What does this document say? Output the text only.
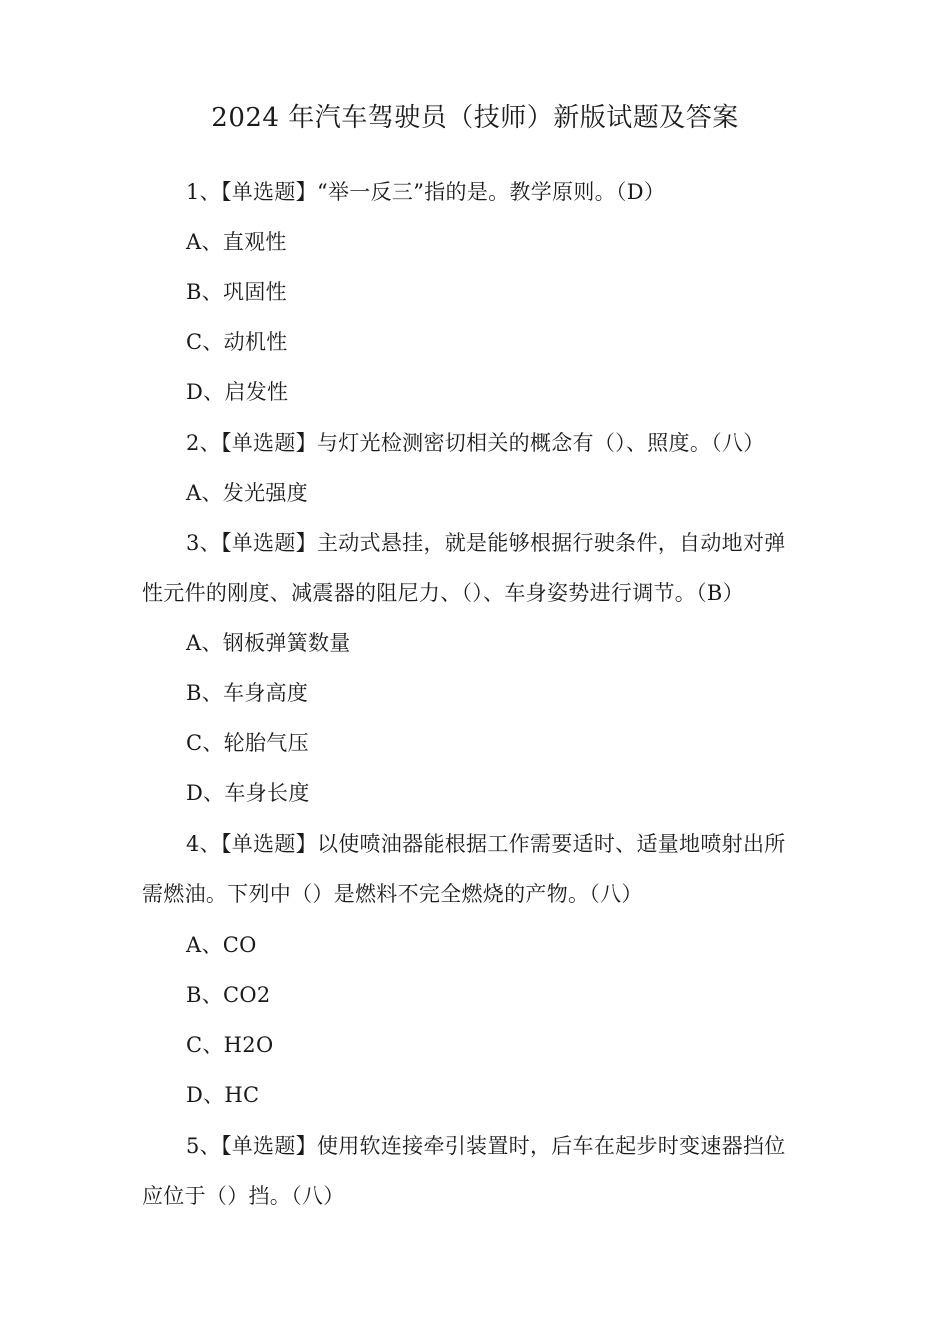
2024 年汽车驾驶员（技师）新版试题及答案
1、【单选题】“举一反三”指的是。教学原则。（D）
A、直观性
B、巩固性
C、动机性
D、启发性
2、【单选题】与灯光检测密切相关的概念有（）、照度。（八）
A、发光强度
3、【单选题】主动式悬挂，就是能够根据行驶条件，自动地对弹
性元件的刚度、减震器的阻尼力、（）、车身姿势进行调节。（B）
A、钢板弹簧数量
B、车身高度
C、轮胎气压
D、车身长度
4、【单选题】以使喷油器能根据工作需要适时、适量地喷射出所
需燃油。下列中（）是燃料不完全燃烧的产物。（八）
A、CO
B、CO2
C、H2O
D、HC
5、【单选题】使用软连接牵引装置时，后车在起步时变速器挡位
应位于（）挡。（八）
